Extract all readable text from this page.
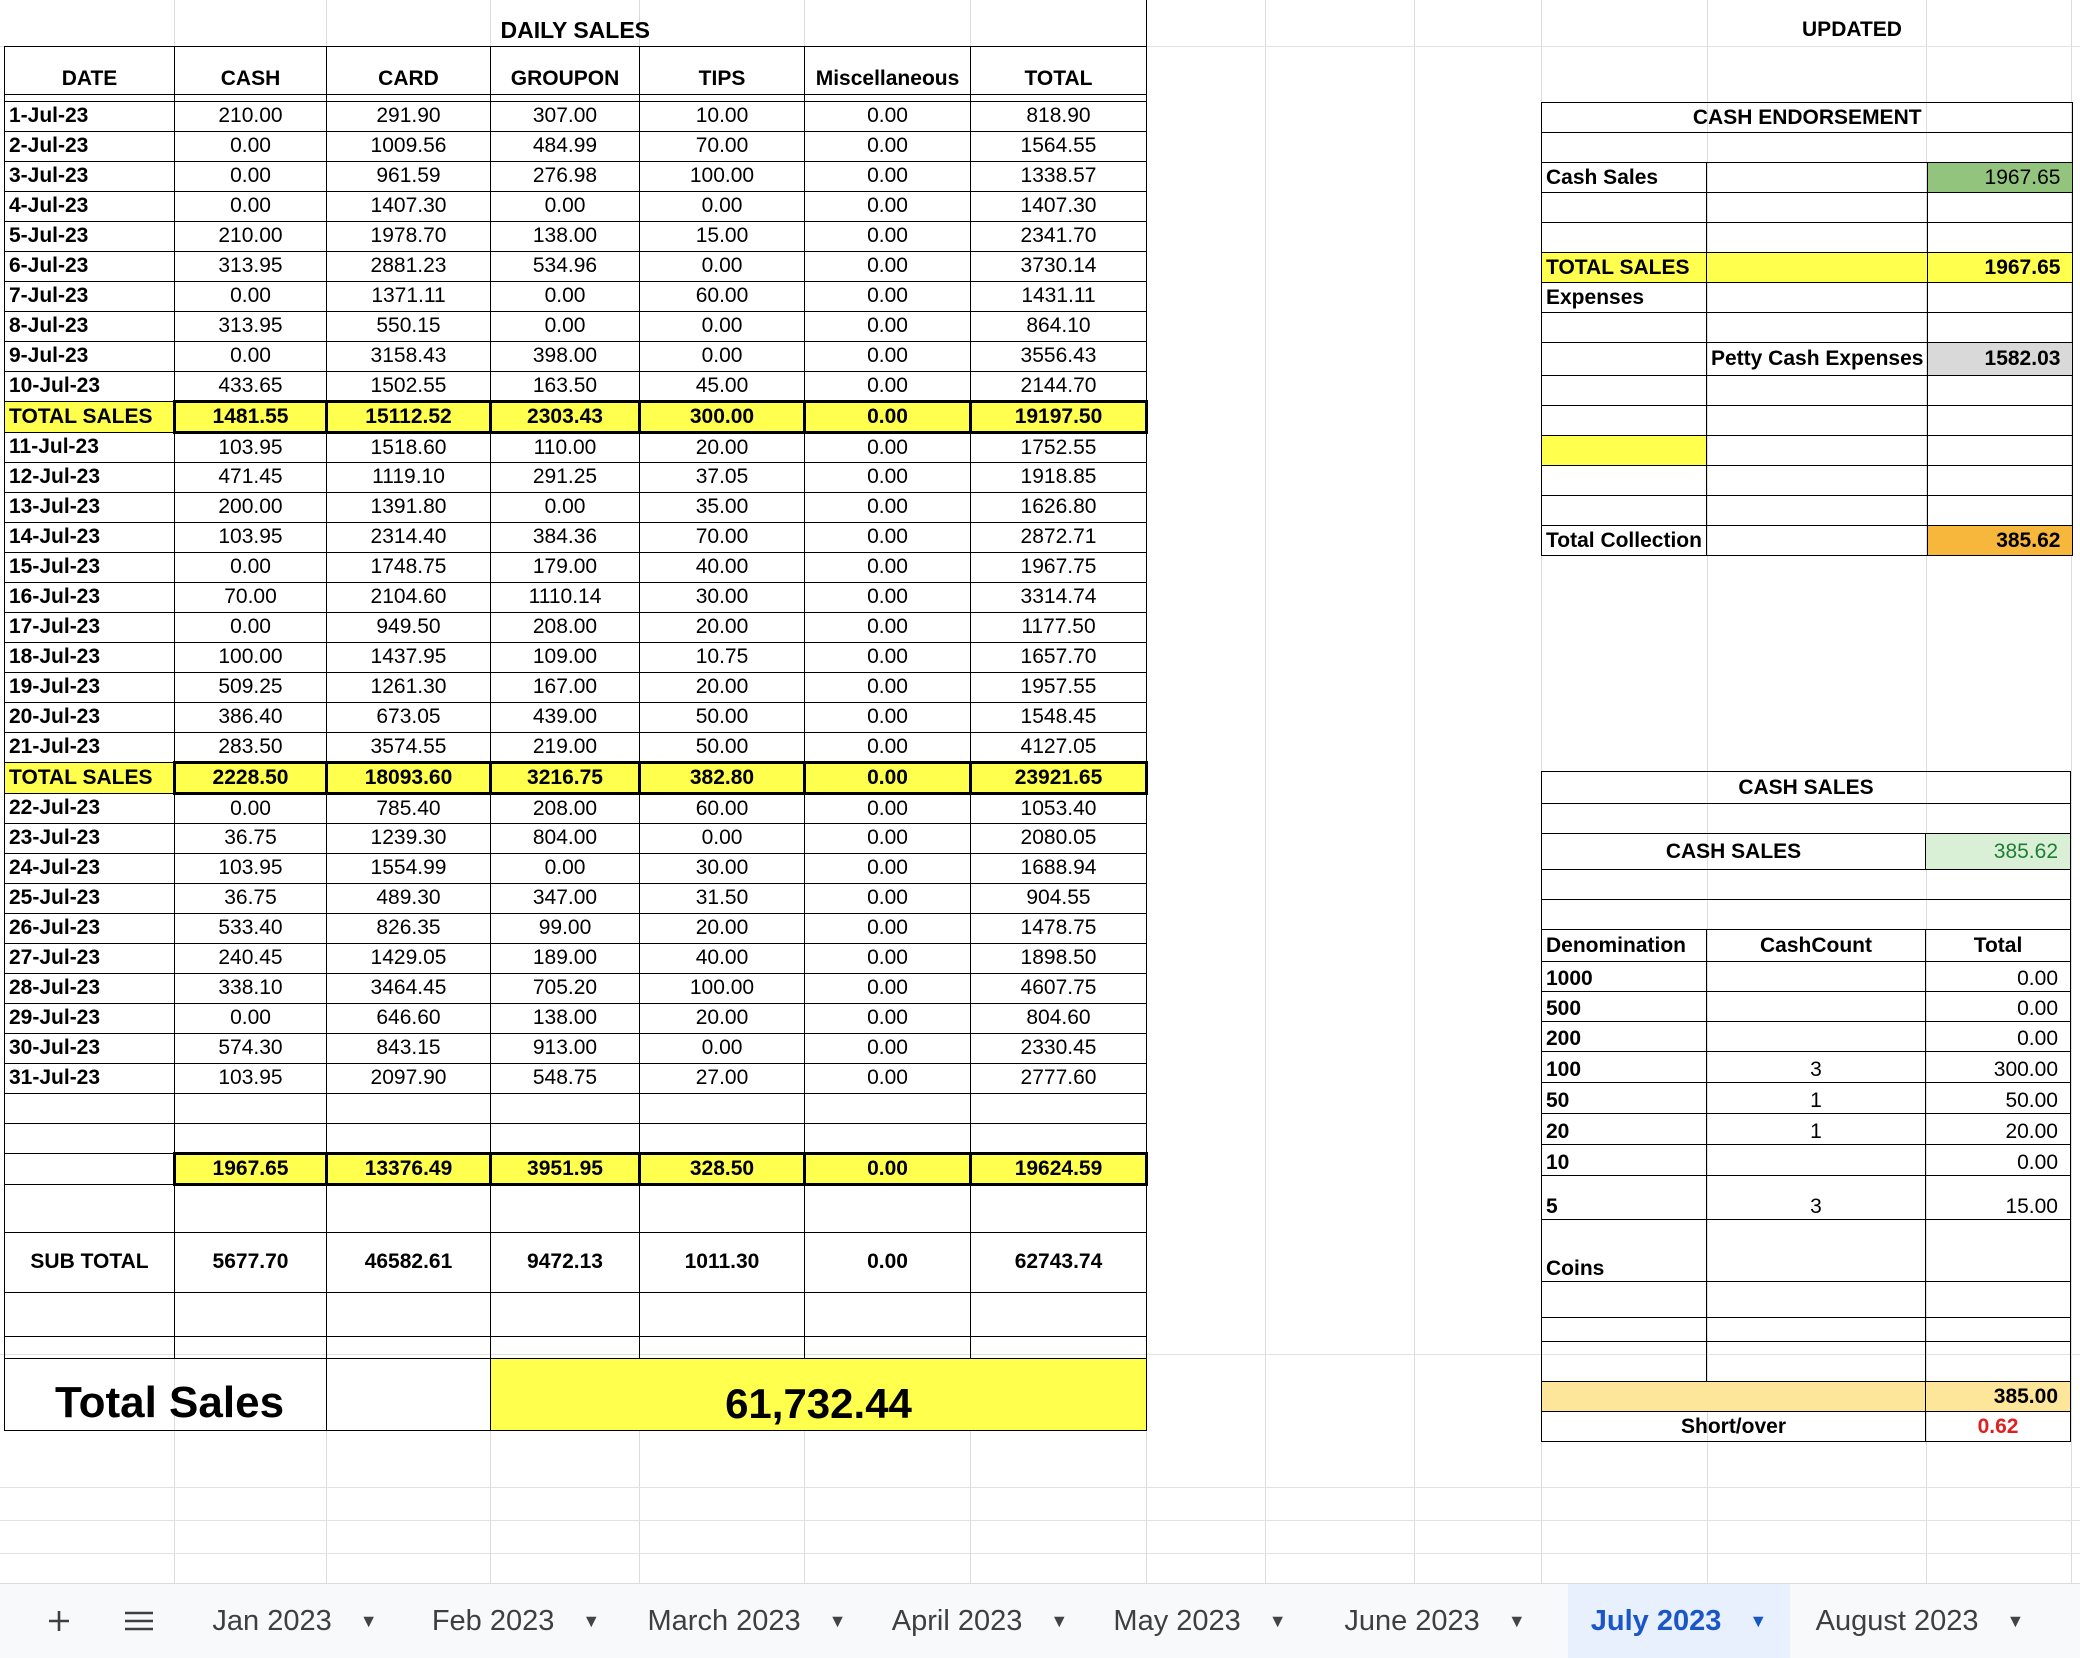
DAILY SALES						
DATE	CASH	CARD	GROUPON	TIPS	Miscellaneous	TOTAL

1-Jul-23	210.00	291.90	307.00	10.00	0.00	818.90
2-Jul-23	0.00	1009.56	484.99	70.00	0.00	1564.55
3-Jul-23	0.00	961.59	276.98	100.00	0.00	1338.57
4-Jul-23	0.00	1407.30	0.00	0.00	0.00	1407.30
5-Jul-23	210.00	1978.70	138.00	15.00	0.00	2341.70
6-Jul-23	313.95	2881.23	534.96	0.00	0.00	3730.14
7-Jul-23	0.00	1371.11	0.00	60.00	0.00	1431.11
8-Jul-23	313.95	550.15	0.00	0.00	0.00	864.10
9-Jul-23	0.00	3158.43	398.00	0.00	0.00	3556.43
10-Jul-23	433.65	1502.55	163.50	45.00	0.00	2144.70
TOTAL SALES	1481.55	15112.52	2303.43	300.00	0.00	19197.50
11-Jul-23	103.95	1518.60	110.00	20.00	0.00	1752.55
12-Jul-23	471.45	1119.10	291.25	37.05	0.00	1918.85
13-Jul-23	200.00	1391.80	0.00	35.00	0.00	1626.80
14-Jul-23	103.95	2314.40	384.36	70.00	0.00	2872.71
15-Jul-23	0.00	1748.75	179.00	40.00	0.00	1967.75
16-Jul-23	70.00	2104.60	1110.14	30.00	0.00	3314.74
17-Jul-23	0.00	949.50	208.00	20.00	0.00	1177.50
18-Jul-23	100.00	1437.95	109.00	10.75	0.00	1657.70
19-Jul-23	509.25	1261.30	167.00	20.00	0.00	1957.55
20-Jul-23	386.40	673.05	439.00	50.00	0.00	1548.45
21-Jul-23	283.50	3574.55	219.00	50.00	0.00	4127.05
TOTAL SALES	2228.50	18093.60	3216.75	382.80	0.00	23921.65
22-Jul-23	0.00	785.40	208.00	60.00	0.00	1053.40
23-Jul-23	36.75	1239.30	804.00	0.00	0.00	2080.05
24-Jul-23	103.95	1554.99	0.00	30.00	0.00	1688.94
25-Jul-23	36.75	489.30	347.00	31.50	0.00	904.55
26-Jul-23	533.40	826.35	99.00	20.00	0.00	1478.75
27-Jul-23	240.45	1429.05	189.00	40.00	0.00	1898.50
28-Jul-23	338.10	3464.45	705.20	100.00	0.00	4607.75
29-Jul-23	0.00	646.60	138.00	20.00	0.00	804.60
30-Jul-23	574.30	843.15	913.00	0.00	0.00	2330.45
31-Jul-23	103.95	2097.90	548.75	27.00	0.00	2777.60

	1967.65	13376.49	3951.95	328.50	0.00	19624.59

SUB TOTAL	5677.70	46582.61	9472.13	1011.30	0.00	62743.74

Total Sales			61,732.44			
UPDATED
CASH ENDORSEMENT		

Cash Sales		1967.65

TOTAL SALES		1967.65
Expenses		

	Petty Cash Expenses	1582.03

Total Collection		385.62
CASH SALES		

CASH SALES		385.62

Denomination	CashCount	Total
1000		0.00
500		0.00
200		0.00
100	3	300.00
50	1	50.00
20	1	20.00
10		0.00
5	3	15.00
Coins		

		385.00
Short/over		0.62
Jan 2023 ▼ Feb 2023 ▼ March 2023 ▼ April 2023 ▼ May 2023 ▼ June 2023 ▼ July 2023 ▼ August 2023 ▼
